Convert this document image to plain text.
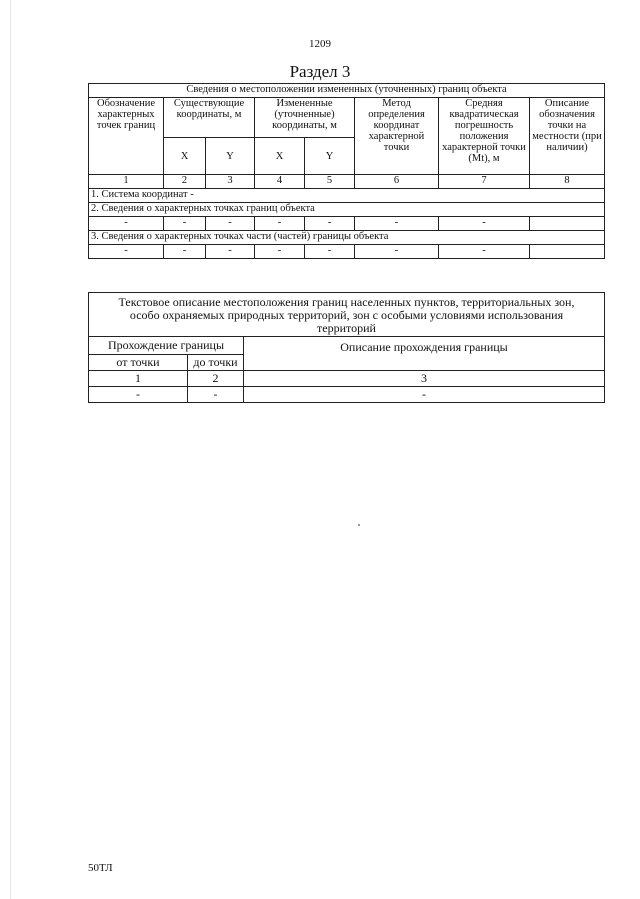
1209
Раздел 3
Сведения о местоположении измененных (уточненных) границ объекта							
Обозначение характерных точек границ	Существующие координаты, м		Измененные (уточненные) координаты, м		Метод определения координат характерной точки	Средняя квадратическая погрешность положения характерной точки (Mt), м	Описание обозначения точки на местности (при наличии)
	X	Y	X	Y			
1	2	3	4	5	6	7	8
1. Система координат -							
2. Сведения о характерных точках границ объекта							
-	-	-	-	-	-	-	
3. Сведения о характерных точках части (частей) границы объекта							
-	-	-	-	-	-	-	
Текстовое описание местоположения границ населенных пунктов, территориальных зон, особо охраняемых природных территорий, зон с особыми условиями использования территорий		
Прохождение границы		Описание прохождения границы
от точки	до точки	
1	2	3
-	-	-
50ТЛ
